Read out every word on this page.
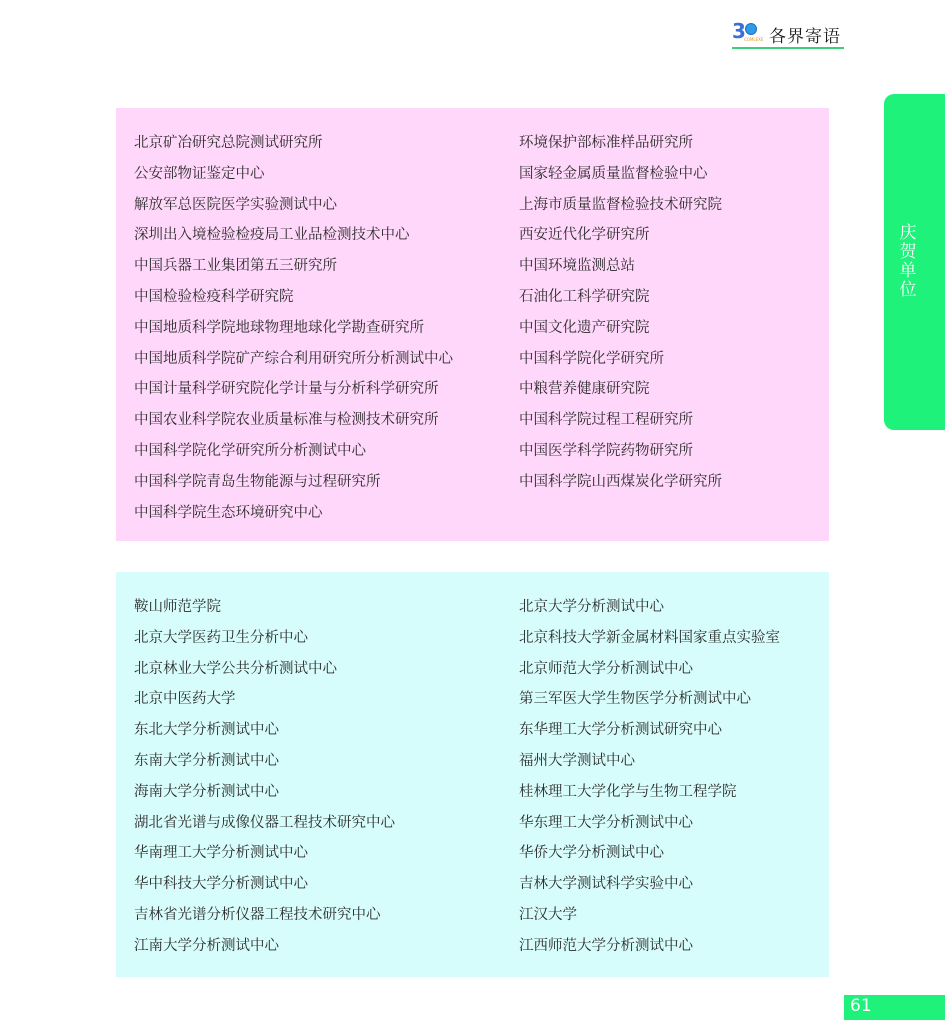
3 COMLEXE 各界寄语
庆贺单位
北京矿冶研究总院测试研究所
公安部物证鉴定中心
解放军总医院医学实验测试中心
深圳出入境检验检疫局工业品检测技术中心
中国兵器工业集团第五三研究所
中国检验检疫科学研究院
中国地质科学院地球物理地球化学勘查研究所
中国地质科学院矿产综合利用研究所分析测试中心
中国计量科学研究院化学计量与分析科学研究所
中国农业科学院农业质量标准与检测技术研究所
中国科学院化学研究所分析测试中心
中国科学院青岛生物能源与过程研究所
中国科学院生态环境研究中心
环境保护部标准样品研究所
国家轻金属质量监督检验中心
上海市质量监督检验技术研究院
西安近代化学研究所
中国环境监测总站
石油化工科学研究院
中国文化遗产研究院
中国科学院化学研究所
中粮营养健康研究院
中国科学院过程工程研究所
中国医学科学院药物研究所
中国科学院山西煤炭化学研究所
鞍山师范学院
北京大学医药卫生分析中心
北京林业大学公共分析测试中心
北京中医药大学
东北大学分析测试中心
东南大学分析测试中心
海南大学分析测试中心
湖北省光谱与成像仪器工程技术研究中心
华南理工大学分析测试中心
华中科技大学分析测试中心
吉林省光谱分析仪器工程技术研究中心
江南大学分析测试中心
北京大学分析测试中心
北京科技大学新金属材料国家重点实验室
北京师范大学分析测试中心
第三军医大学生物医学分析测试中心
东华理工大学分析测试研究中心
福州大学测试中心
桂林理工大学化学与生物工程学院
华东理工大学分析测试中心
华侨大学分析测试中心
吉林大学测试科学实验中心
江汉大学
江西师范大学分析测试中心
61
